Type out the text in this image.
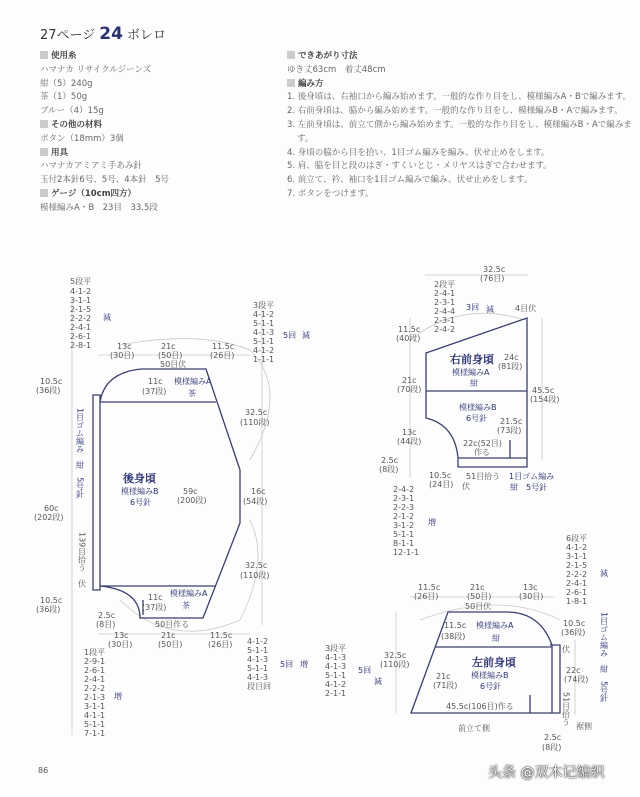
27ページ 24 ボレロ
使用糸
ハマナカ リサイクルジーンズ
紺（5）240g
茶（1）50g
ブルー（4）15g
その他の材料
ボタン（18mm）3個
用具
ハマナカアミアミ手あみ針
玉付2本針6号、5号、4本針　5号
ゲージ（10cm四方）
模様編みA・B　23目　33.5段
できあがり寸法
ゆき丈63cm　着丈48cm
編み方
1. 後身頃は、右袖口から編み始めます。一般的な作り目をし、模様編みA・Bで編みます。
2. 右前身頃は、脇から編み始めます。一般的な作り目をし、模様編みB・Aで編みます。
3. 左前身頃は、前立て側から編み始めます。一般的な作り目をし、模様編みB・Aで編みます。
4. 身頃の脇から目を拾い、1目ゴム編みを編み、伏せ止めをします。
5. 肩、脇を目と段のはぎ・すくいとじ・メリヤスはぎで合わせます。
6. 前立て、衿、袖口を1目ゴム編みで編み、伏せ止めをします。
7. ボタンをつけます。
5段平
4-1-2
3-1-1
2-1-5
2-2-2
2-4-1
2-6-1
2-8-1
減
3段平
4-1-2
5-1-1
4-1-3
5-1-1
4-1-2
1-1-1
5回 減
13c
(30目)
21c
(50目)
11.5c
(26目)
50目伏
11c
(37段)
模様編みA
茶
後身頃
模様編みB
6号針
59c
(200段)
32.5c
(110段)
16c
(54段)
32.5c
(110段)
10.5c
(36段)
60c
(202段)
10.5c
(36段)
1目ゴム編み　紺　5号針
139目拾う　伏
模様編みA
茶
11c
(37段)
50目作る
2.5c
(8目)
13c
(30目)
21c
(50目)
11.5c
(26目)
1段平
2-9-1
2-6-1
2-4-1
2-2-2
2-1-3
3-1-1
4-1-1
5-1-1
7-1-1
増
4-1-2
5-1-1
4-1-3
5-1-1
4-1-3
段目回
5回 増
32.5c
(76目)
2段平
2-4-1
2-3-1
2-4-4
2-3-1
2-4-2
3回 減	4目伏
11.5c
(40段)
21c
(70段)
13c
(44段)
2.5c
(8段)
右前身頃
模様編みA
紺
模様編みB
6号針
24c
(81段)
45.5c
(154段)
21.5c
(73段)
22c(52目)
作る
10.5c
(24目) 伏
51目拾う 1目ゴム編み
紺　5号針
2-4-2
2-3-1
2-2-3
2-1-2
3-1-2
5-1-1
8-1-1
12-1-1
増
6段平
4-1-2
3-1-1
2-1-5
2-2-2
2-4-1
2-6-1
1-8-1
減
11.5c
(26目)
21c
(50目)
13c
(30目)
50目伏
3段平
4-1-3
4-1-3
5-1-1
4-1-2
2-1-1
5回
減
32.5c
(110段)
11.5c
(38段)
模様編みA
紺
21c
(71段)
左前身頃
模様編みB
6号針
45.5c(106目)作る
前立て側
10.5c
(36段)
伏
22c
(74段)
51目拾う
1目ゴム編み　紺　5号針
裾側
2.5c
(8段)
86	头条 @双木记编织
